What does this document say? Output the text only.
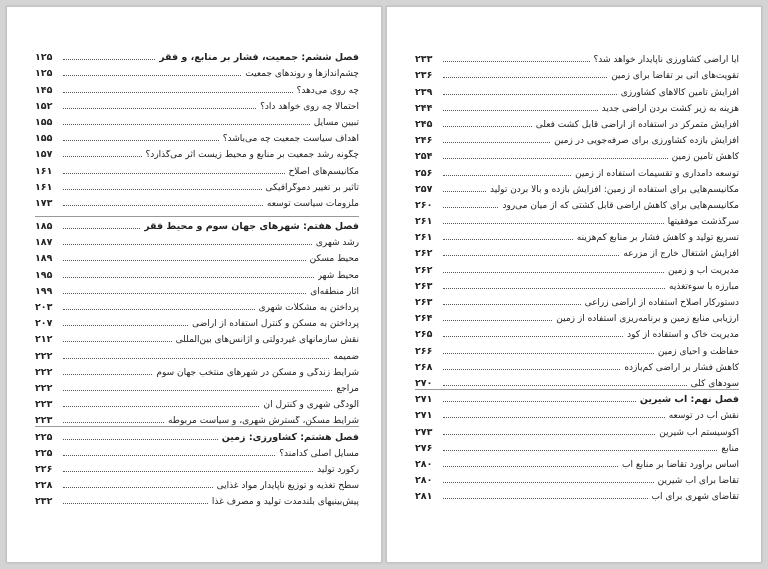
۱۲۵	فصل ششم: جمعیت، فشار بر منابع، و فقر
۱۲۵	چشم‌اندازها و روندهای جمعیت
۱۴۵	چه روی می‌دهد؟
۱۵۲	احتمالاً چه روی خواهد داد؟
۱۵۵	تبیین مسایل
۱۵۵	اهداف سیاست جمعیت چه می‌باشد؟
۱۵۷	چگونه رشد جمعیت بر منابع و محیط زیست اثر می‌گذارد؟
۱۶۱	مکانیسم‌های اصلاح
۱۶۱	تأثیر بر تغییر دموگرافیکی
۱۷۳	ملزومات سیاست توسعه
۱۸۵	فصل هفتم: شهرهای جهان سوم و محیط فقر
۱۸۷	رشد شهری
۱۸۹	محیط مسکن
۱۹۵	محیط شهر
۱۹۹	آثار منطقه‌ای
۲۰۳	پرداختن به مشکلات شهری
۲۰۷	پرداختن به مسکن و کنترل استفاده از اراضی
۲۱۲	نقش سازمانهای غیردولتی و آژانس‌های بین‌المللی
۲۲۲	ضمیمه
۲۲۲	شرایط زندگی و مسکن در شهرهای منتخب جهان سوم
۲۲۲	مراجع
۲۲۳	آلودگی شهری و کنترل آن
۲۲۳	شرایط مسکن، گسترش شهری، و سیاست مربوطه
۲۲۵	فصل هشتم: کشاورزی: زمین
۲۲۵	مسایل اصلی کدامند؟
۲۲۶	رکورد تولید
۲۲۸	سطح تغذیه و توزیع ناپایدار مواد غذایی
۲۳۲	پیش‌بینیهای بلندمدت تولید و مصرف غذا
۲۳۳	آیا اراضی کشاورزی ناپایدار خواهد شد؟
۲۳۶	تقویت‌های آتی بر تقاضا برای زمین
۲۳۹	افزایش تأمین کالاهای کشاورزی
۲۴۴	هزینه به زیر کشت بردن اراضی جدید
۲۴۵	افزایش متمرکز در استفاده از اراضی قابل کشت فعلی
۲۴۶	افزایش بازده کشاورزی برای صرفه‌جویی در زمین
۲۵۴	کاهش تأمین زمین
۲۵۶	توسعه دامداری و تقسیمات استفاده از زمین
۲۵۷	مکانیسم‌هایی برای استفاده از زمین: افزایش بازده و بالا بردن تولید
۲۶۰	مکانیسم‌هایی برای کاهش اراضی قابل کشتی که از میان می‌رود
۲۶۱	سرگذشت موفقیتها
۲۶۱	تسریع تولید و کاهش فشار بر منابع کم‌هزینه
۲۶۲	افزایش اشتغال خارج از مزرعه
۲۶۲	مدیریت آب و زمین
۲۶۳	مبارزه با سوءتغذیه
۲۶۳	دستورکار اصلاح استفاده از اراضی زراعی
۲۶۴	ارزیابی منابع زمین و برنامه‌ریزی استفاده از زمین
۲۶۵	مدیریت خاک و استفاده از کود
۲۶۶	حفاظت و احیای زمین
۲۶۸	کاهش فشار بر اراضی کم‌بازده
۲۷۰	سودهای کلی
۲۷۱	فصل نهم: آب شیرین
۲۷۱	نقش آب در توسعه
۲۷۳	اکوسیستم آب شیرین
۲۷۶	منابع
۲۸۰	اساس برآورد تقاضا بر منابع آب
۲۸۰	تقاضا برای آب شیرین
۲۸۱	تقاضای شهری برای آب
